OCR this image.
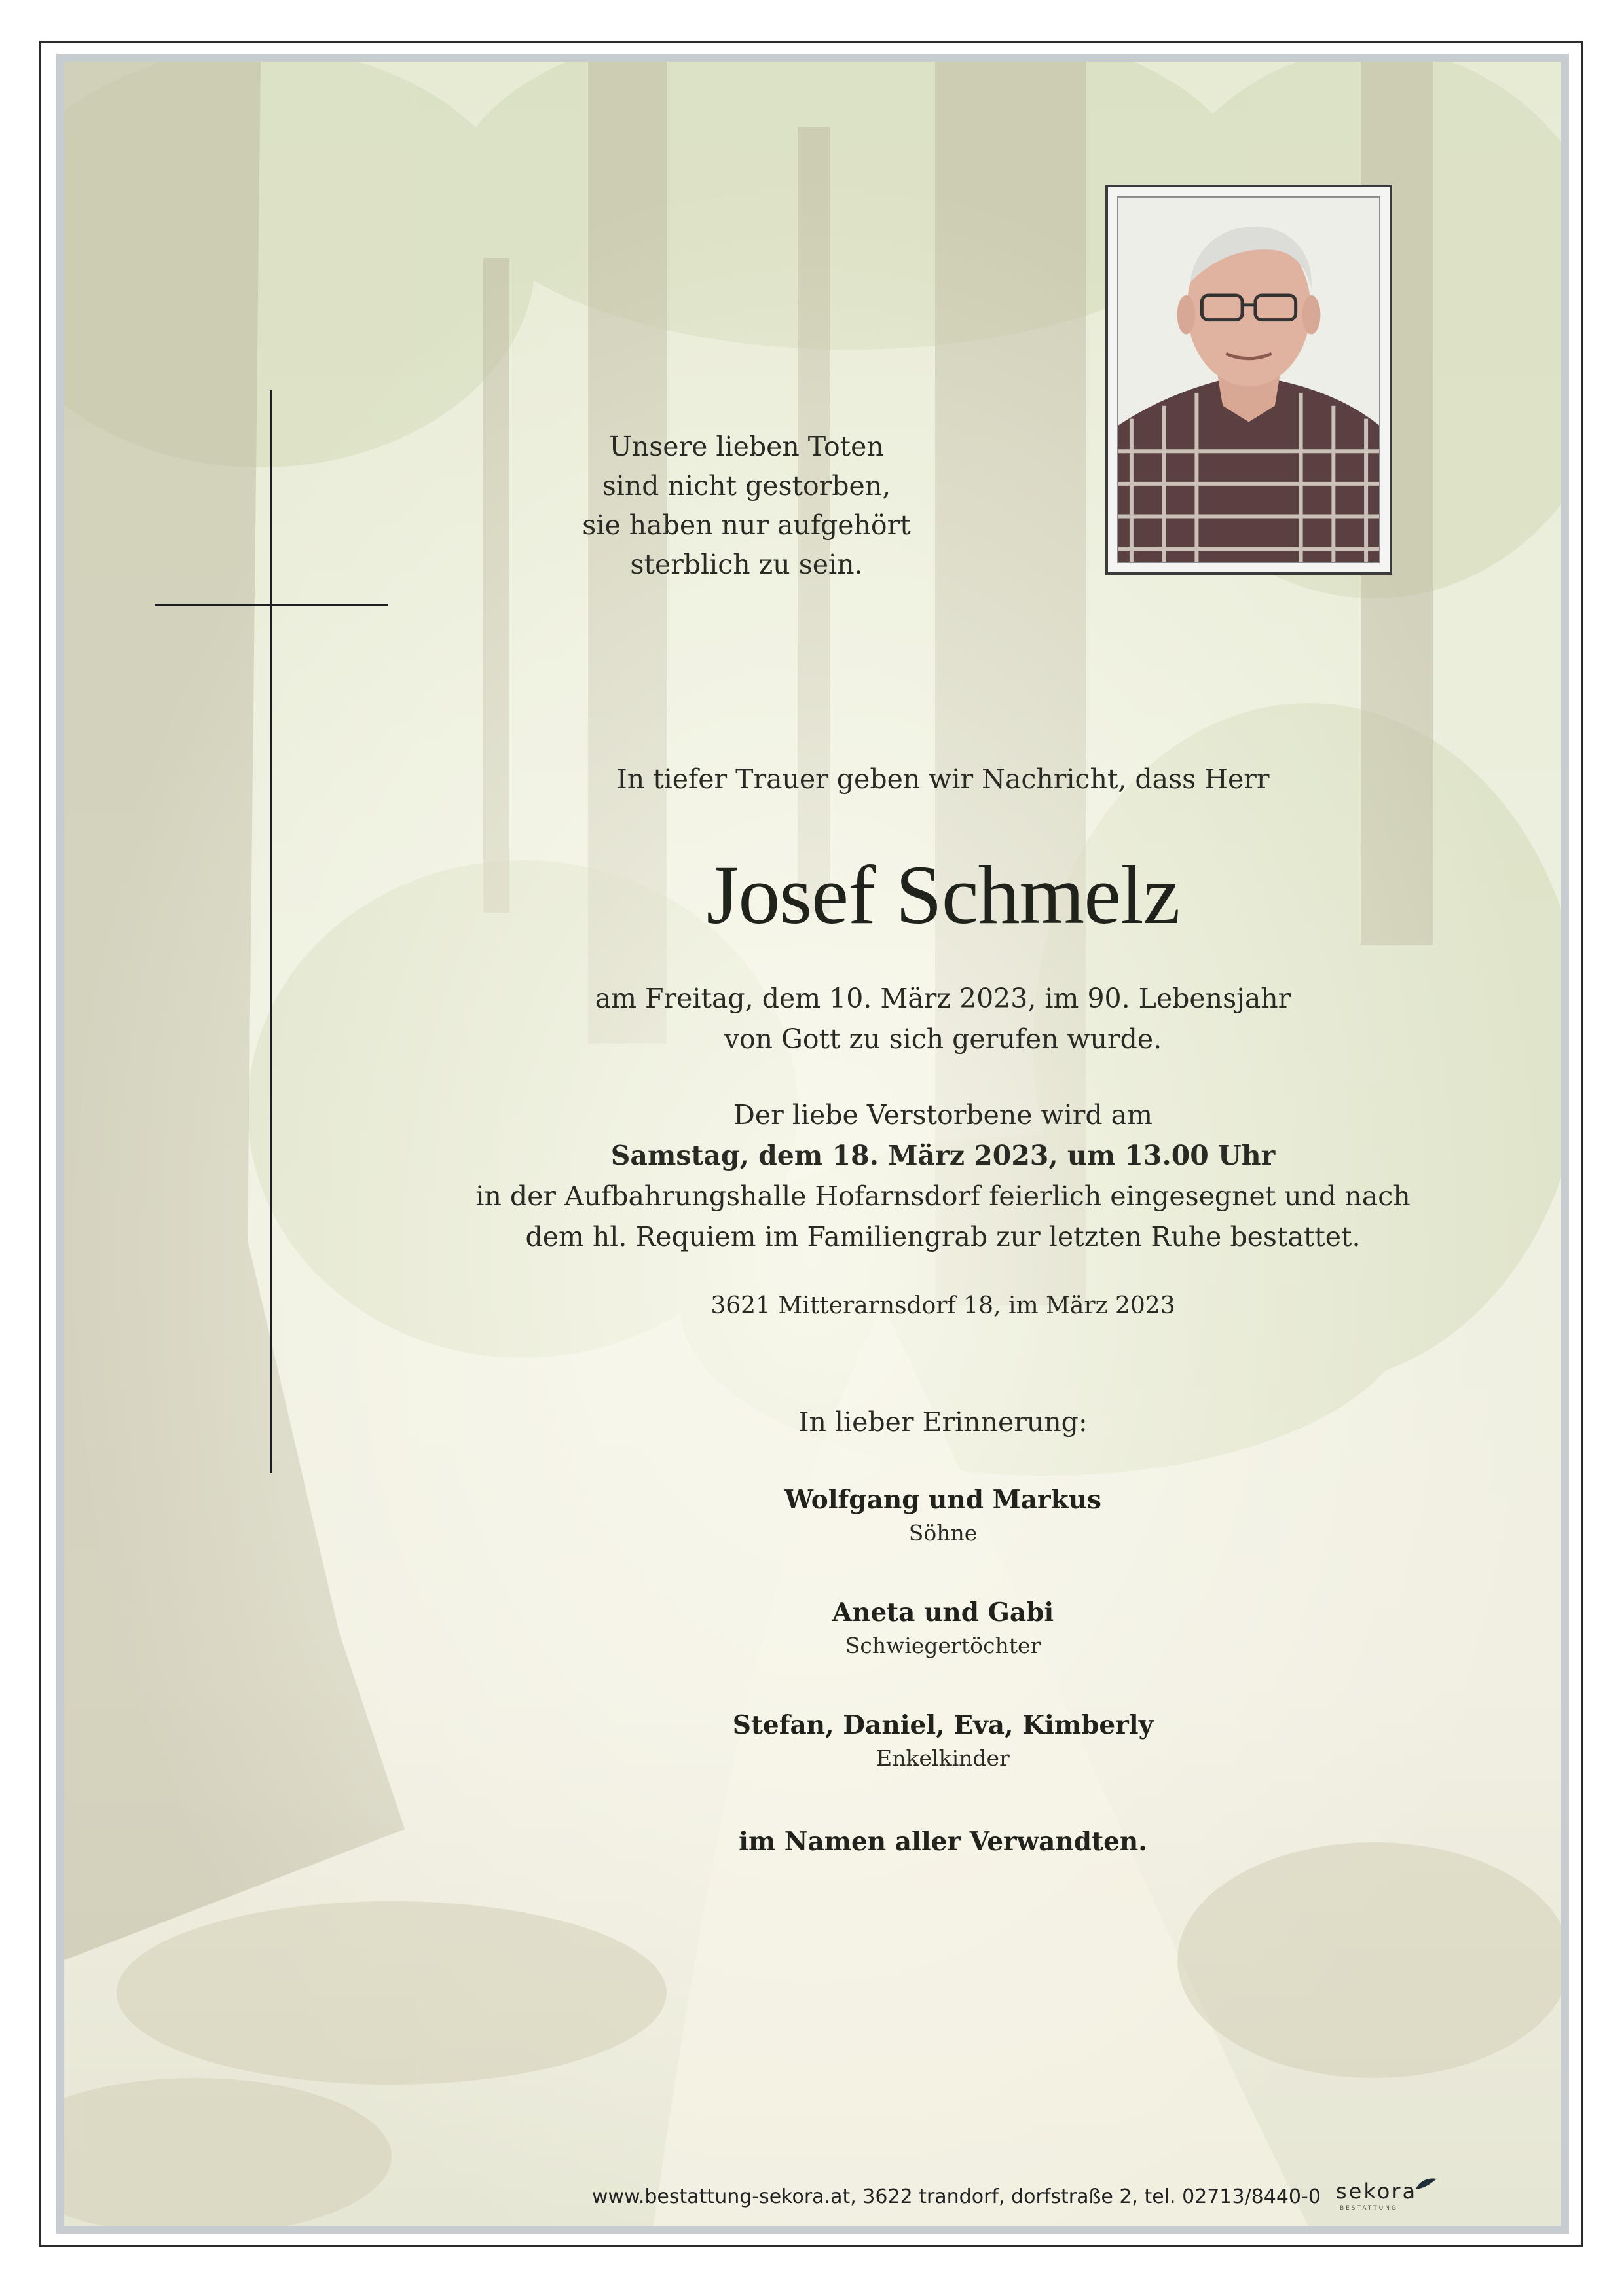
Unsere lieben Toten
sind nicht gestorben,
sie haben nur aufgehört
sterblich zu sein.
In tiefer Trauer geben wir Nachricht, dass Herr
Josef Schmelz
am Freitag, dem 10. März 2023, im 90. Lebensjahr
von Gott zu sich gerufen wurde.
Der liebe Verstorbene wird am
Samstag, dem 18. März 2023, um 13.00 Uhr
in der Aufbahrungshalle Hofarnsdorf feierlich eingesegnet und nach
dem hl. Requiem im Familiengrab zur letzten Ruhe bestattet.
3621 Mitterarnsdorf 18, im März 2023
In lieber Erinnerung:
Wolfgang und Markus
Söhne
Aneta und Gabi
Schwiegertöchter
Stefan, Daniel, Eva, Kimberly
Enkelkinder
im Namen aller Verwandten.
www.bestattung-sekora.at, 3622 trandorf, dorfstraße 2, tel. 02713/8440-0 sekora
BESTATTUNG
